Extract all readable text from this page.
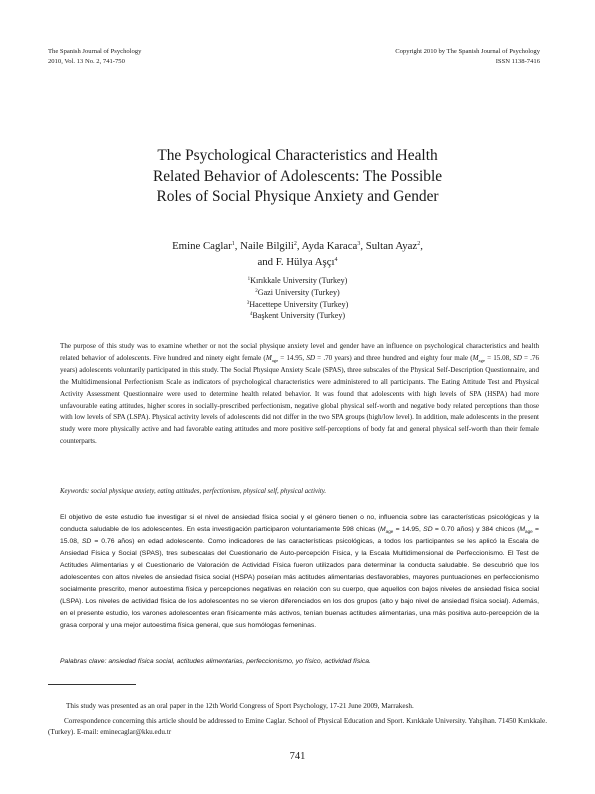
The Spanish Journal of Psychology
2010, Vol. 13 No. 2, 741-750
Copyright 2010 by The Spanish Journal of Psychology
ISSN 1138-7416
The Psychological Characteristics and Health
Related Behavior of Adolescents: The Possible
Roles of Social Physique Anxiety and Gender
Emine Caglar$^1$, Naile Bilgili$^2$, Ayda Karaca$^3$, Sultan Ayaz$^2$,
and F. Hülya Aşçı$^4$
$^1$Kırıkkale University (Turkey)
$^2$Gazi University (Turkey)
$^3$Hacettepe University (Turkey)
$^4$Başkent University (Turkey)

The purpose of this study was to examine whether or not the social physique anxiety level and gender have an influence on psychological characteristics and health related behavior of adolescents. Five hundred and ninety eight female ($M_{age} = 14.95$, SD = .70 years) and three hundred and eighty four male ($M_{age} = 15.08$, SD = .76 years) adolescents voluntarily participated in this study. The Social Physique Anxiety Scale (SPAS), three subscales of the Physical Self-Description Questionnaire, and the Multidimensional Perfectionism Scale as indicators of psychological characteristics were administered to all participants. The Eating Attitude Test and Physical Activity Assessment Questionnaire were used to determine health related behavior. It was found that adolescents with high levels of SPA (HSPA) had more unfavourable eating attitudes, higher scores in socially-prescribed perfectionism, negative global physical self-worth and negative body related perceptions than those with low levels of SPA (LSPA). Physical activity levels of adolescents did not differ in the two SPA groups (high/low level). In addition, male adolescents in the present study were more physically active and had favorable eating attitudes and more positive self-perceptions of body fat and general physical self-worth than their female counterparts.

Keywords: social physique anxiety, eating attitudes, perfectionism, physical self, physical activity.

El objetivo de este estudio fue investigar si el nivel de ansiedad física social y el género tienen o no, influencia sobre las características psicológicas y la conducta saludable de los adolescentes. En esta investigación participaron voluntariamente 598 chicas ($M_{age} = 14.95$, SD = 0.70 años) y 384 chicos ($M_{age} = 15.08$, SD = 0.76 años) en edad adolescente. Como indicadores de las características psicológicas, a todos los participantes se les aplicó la Escala de Ansiedad Física y Social (SPAS), tres subescalas del Cuestionario de Auto-percepción Física, y la Escala Multidimensional de Perfeccionismo. El Test de Actitudes Alimentarias y el Cuestionario de Valoración de Actividad Física fueron utilizados para determinar la conducta saludable. Se descubrió que los adolescentes con altos niveles de ansiedad física social (HSPA) poseían más actitudes alimentarias desfavorables, mayores puntuaciones en perfeccionismo socialmente prescrito, menor autoestima física y percepciones negativas en relación con su cuerpo, que aquellos con bajos niveles de ansiedad física social (LSPA). Los niveles de actividad física de los adolescentes no se vieron diferenciados en los dos grupos (alto y bajo nivel de ansiedad física social). Además, en el presente estudio, los varones adolescentes eran físicamente más activos, tenían buenas actitudes alimentarias, una más positiva auto-percepción de la grasa corporal y una mejor autoestima física general, que sus homólogas femeninas.

Palabras clave: ansiedad física social, actitudes alimentarias, perfeccionismo, yo físico, actividad física.
This study was presented as an oral paper in the 12th World Congress of Sport Psychology, 17-21 June 2009, Marrakesh.
Correspondence concerning this article should be addressed to Emine Caglar. School of Physical Education and Sport. Kırıkkale University. Yahşihan. 71450 Kırıkkale. (Turkey). E-mail: eminecaglar@kku.edu.tr
741
